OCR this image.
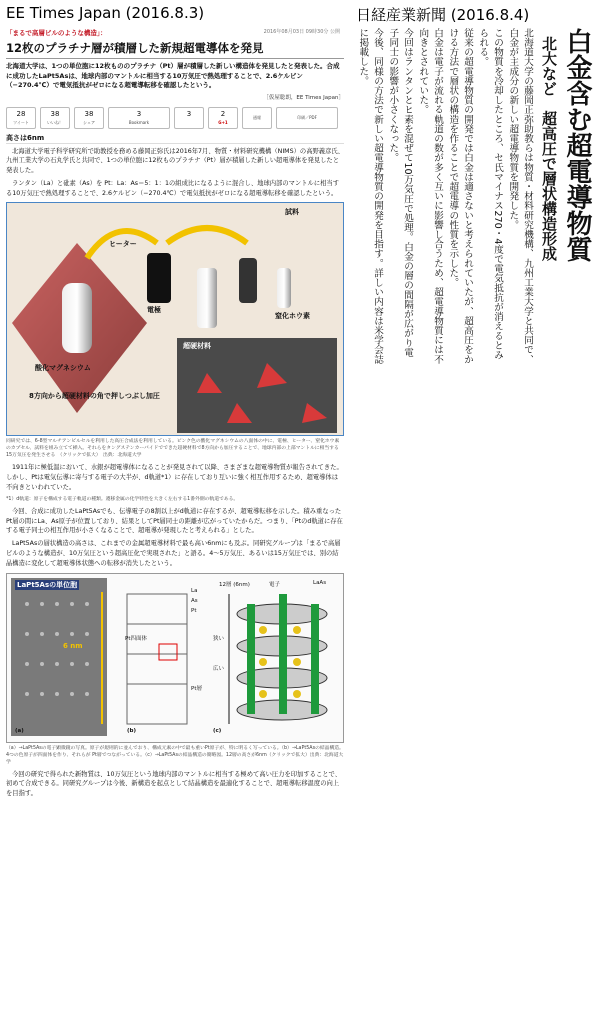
EE Times Japan (2016.8.3)	日経産業新聞 (2016.8.4)
「まるで高層ビルのような構造」：	2016年08月03日 09時30分 公開
12枚のプラチナ層が積層した新規超電導体を発見
北海道大学は、1つの単位胞に12枚もののプラチナ（Pt）層が積層した新しい構造体を発見したと発表した。合成に成功したLaPt5Asは、地球内部のマントルに相当する10万気圧で熱処理することで、2.6ケルビン（−270.4℃）で電気抵抗がゼロになる超電導転移を確認したという。
［仮屋聡朗，EE Times Japan］
28
ツイート
38
いいね！
38
シェア
3
Bookmark
3	2
G+1
通報	印刷／PDF
高さは6nm

北海道大学電子科学研究所で助教授を務める藤岡正弥氏は2016年7月、物質・材料研究機構（NIMS）の高野義彦氏、九州工業大学の石丸学氏と共同で、1つの単位胞に12枚ものプラチナ（Pt）層が積層した新しい超電導体を発見したと発表した。

ランタン（La）と砒素（As）を Pt：La：As＝5：1：1の組成比になるように混合し、地球内部のマントルに相当する10万気圧で熱処理することで、2.6ケルビン（−270.4℃）で電気抵抗がゼロになる超電導転移を確認したという。

試料
ヒーター
電極
窒化ホウ素
超硬材料
酸化マグネシウム
8方向から超硬材料の角で押しつぶし加圧
同研究では、6-8型マルチアンビルセルを利用した高圧合成法を利用している。ピンク色の酸化マグネシウムの八面体の中に、電極、ヒーター、窒化ホウ素のカプセル、試料を組み立てて挿入。それらをタングステンカーバイドでできた超硬材料で8方向から加圧することで、地球内部の上部マントルに相当する15万気圧を発生させる　（クリックで拡大）　出典：北海道大学

1911年に極低温において、水銀が超電導体になることが発見されて以降、さまざまな超電導物質が報告されてきた。しかし、Ptは電気伝導に寄与する電子の大半が、d軌道*1）に存在しており互いに強く相互作用するため、超電導体は不向きといわれていた。

*1）d軌道：原子を構成する電子軌道の種類。遷移金属の化学特性を大きく左右する1番外側の軌道である。

今回、合成に成功したLaPt5Asでも、伝導電子の8割以上がd軌道に存在するが、超電導転移を示した。積み重なったPt層の間にLa、As原子が位置しており、結果としてPt層同士の距離が広がっていたからだ。つまり、「Ptのd軌道に存在する電子同士の相互作用が小さくなることで、超電導が発現したと考えられる」とした。

LaPt5Asの層状構造の高さは、これまでの金属超電導材料で最も高い6nmにも及ぶ。同研究グループは「まるで高層ビルのような構造が、10万気圧という超高圧化で実現された」と語る。4〜5万気圧、あるいは15万気圧では、別の結晶構造に変化して超電導体状態への転移が消失したという。

LaPt5Asの単位胞
6 nm
La
As
Pt
Pt四面体
Pt層
電子	LaAs
12層 (6nm)
狭い
広い
(a)	(b)	(c)
（a）→LaPt5Asの電子顕微鏡の写真。原子が規則的に並んでおり、構成元素の中で最も重いPt原子が、特に明るく写っている。（b）→LaPt5Asの結晶構造。4つの色原子が四面体を作り、それらが Pt層でつながっている。（c）→LaPt5Asの結晶構造の簡略図。12層の高さが6nm（クリックで拡大）出典：北海道大学

今回の研究で得られた新物質は、10万気圧という地球内部のマントルに相当する極めて高い圧力を印加することで、初めて合成できる。同研究グループは今後、新構造を起点として結晶構造を最適化することで、超電導転移温度の向上を目指す。

白金含む超電導物質
北大など　超高圧で層状構造形成
北海道大学の藤岡正弥助教らは物質・材料研究機構、九州工業大学と共同で、白金が主成分の新しい超電導物質を開発した。
この物質を冷却したところ、セ氏マイナス270・4度で電気抵抗が消えるとみられる。
従来の超電導物質の開発では白金は適さないと考えられていたが、超高圧をかける方法で層状の構造を作ることで超電導の性質を示した。
白金は電子が流れる軌道の数が多く互いに影響し合うため、超電導物質には不向きとされていた。
今回はランタンとヒ素を混ぜて10万気圧で処理。白金の層の間隔が広がり電子同士の影響が小さくなった。
今後、同様の方法で新しい超電導物質の開発を目指す。詳しい内容は米学会誌に掲載した。
